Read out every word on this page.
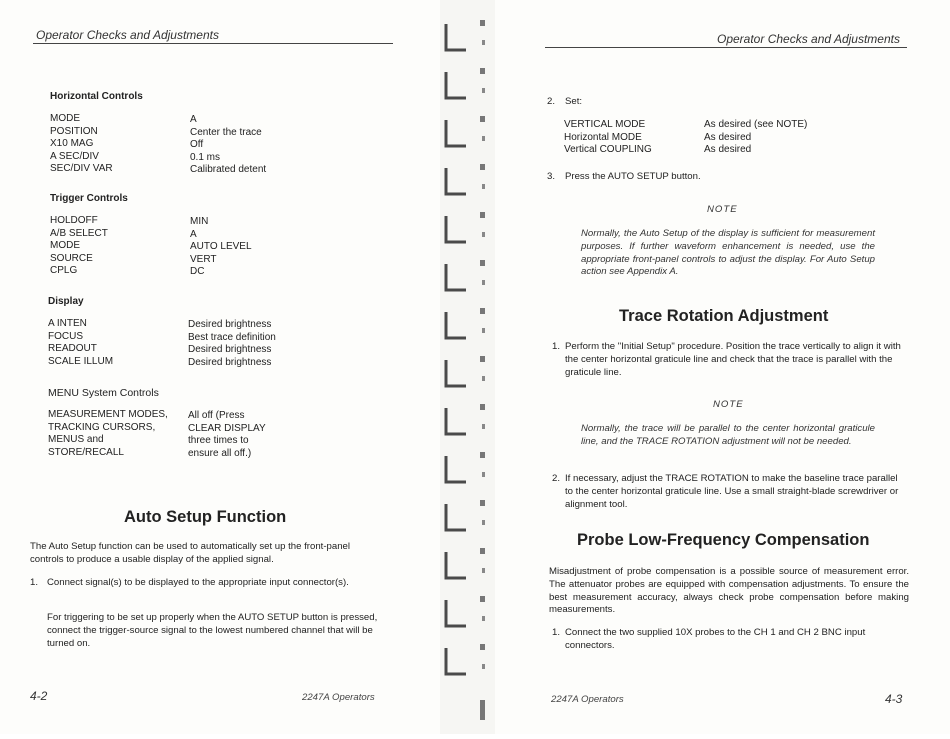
Operator Checks and Adjustments
Horizontal Controls
MODE
POSITION
X10 MAG
A SEC/DIV
SEC/DIV VAR
A
Center the trace
Off
0.1 ms
Calibrated detent
Trigger Controls
HOLDOFF
A/B SELECT
MODE
SOURCE
CPLG
MIN
A
AUTO LEVEL
VERT
DC
Display
A INTEN
FOCUS
READOUT
SCALE ILLUM
Desired brightness
Best trace definition
Desired brightness
Desired brightness
MENU System Controls
MEASUREMENT MODES,
TRACKING CURSORS,
MENUS and
STORE/RECALL
All off (Press
CLEAR DISPLAY
three times to
ensure all off.)
Auto Setup Function
The Auto Setup function can be used to automatically set up the front-panel controls to produce a usable display of the applied signal.
1. Connect signal(s) to be displayed to the appropriate input connector(s).
For triggering to be set up properly when the AUTO SETUP button is pressed, connect the trigger-source signal to the lowest numbered channel that will be turned on.
4-2	2247A Operators
Operator Checks and Adjustments
2. Set:
VERTICAL MODE
Horizontal MODE
Vertical COUPLING
As desired (see NOTE)
As desired
As desired
3. Press the AUTO SETUP button.
NOTE
Normally, the Auto Setup of the display is sufficient for measurement purposes. If further waveform enhancement is needed, use the appropriate front-panel controls to adjust the display. For Auto Setup action see Appendix A.
Trace Rotation Adjustment
1. Perform the "Initial Setup" procedure. Position the trace vertically to align it with the center horizontal graticule line and check that the trace is parallel with the graticule line.
NOTE
Normally, the trace will be parallel to the center horizontal graticule line, and the TRACE ROTATION adjustment will not be needed.
2. If necessary, adjust the TRACE ROTATION to make the baseline trace parallel to the center horizontal graticule line. Use a small straight-blade screwdriver or alignment tool.
Probe Low-Frequency Compensation
Misadjustment of probe compensation is a possible source of measurement error. The attenuator probes are equipped with compensation adjustments. To ensure the best measurement accuracy, always check probe compensation before making measurements.
1. Connect the two supplied 10X probes to the CH 1 and CH 2 BNC input connectors.
2247A Operators	4-3
